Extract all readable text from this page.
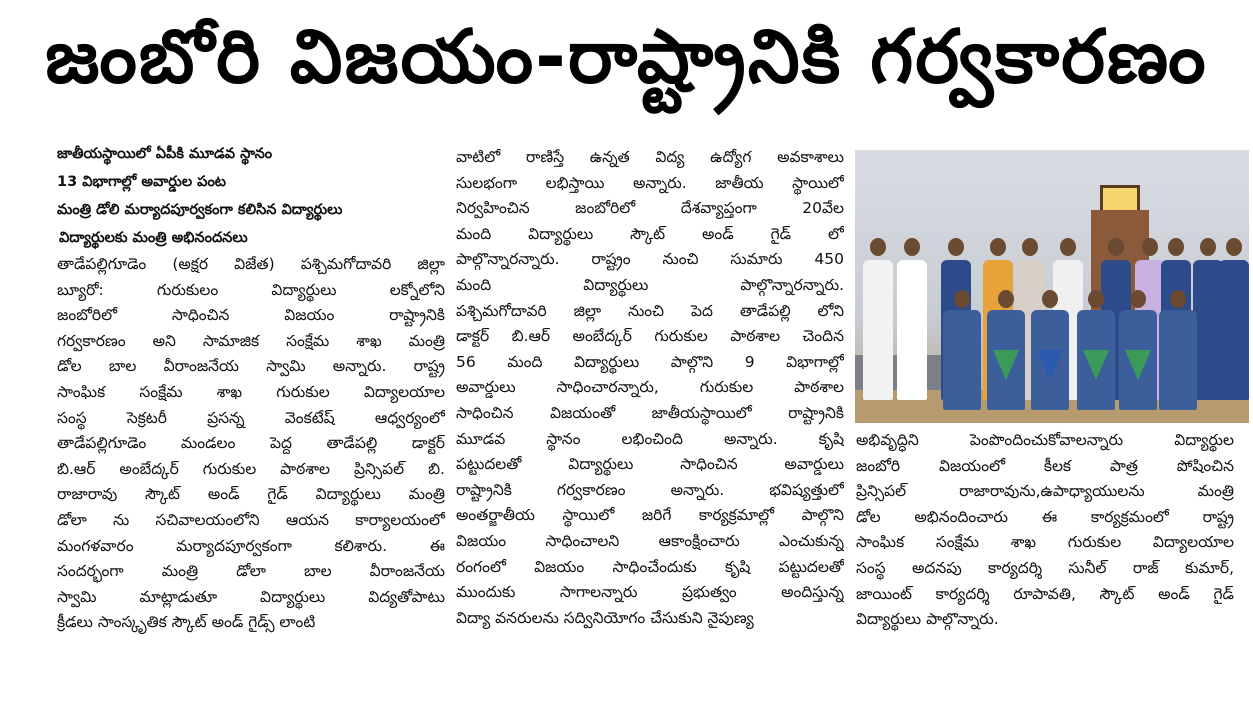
జంబోరి విజయం-రాష్ట్రానికి గర్వకారణం
జాతీయస్థాయిలో ఏపీకి మూడవ స్థానం
13 విభాగాల్లో అవార్డుల పంట
మంత్రి డోలి మర్యాదపూర్వకంగా కలిసిన విద్యార్థులు
విద్యార్థులకు మంత్రి అభినందనలు
తాడేపల్లిగూడెం (అక్షర విజేత) పశ్చిమగోదావరి జిల్లా
బ్యూరో: గురుకులం విద్యార్థులు లక్నోలోని
జంబోరిలో సాధించిన విజయం రాష్ట్రానికి
గర్వకారణం అని సామాజిక సంక్షేమ శాఖ మంత్రి
డోల బాల వీరాంజనేయ స్వామి అన్నారు. రాష్ట్ర
సాంఘిక సంక్షేమ శాఖ గురుకుల విద్యాలయాల
సంస్థ సెక్రటరీ ప్రసన్న వెంకటేష్ ఆధ్వర్యంలో
తాడేపల్లిగూడెం మండలం పెద్ద తాడేపల్లి డాక్టర్
బి.ఆర్ అంబేద్కర్ గురుకుల పాఠశాల ప్రిన్సిపల్ బి.
రాజారావు స్కౌట్ అండ్ గైడ్ విద్యార్థులు మంత్రి
డోలా ను సచివాలయంలోని ఆయన కార్యాలయంలో
మంగళవారం మర్యాదపూర్వకంగా కలిశారు. ఈ
సందర్భంగా మంత్రి డోలా బాల వీరాంజనేయ
స్వామి మాట్లాడుతూ విద్యార్థులు విద్యతోపాటు
క్రీడలు సాంస్కృతిక స్కౌట్ అండ్ గైడ్స్ లాంటి
వాటిలో రాణిస్తే ఉన్నత విద్య ఉద్యోగ అవకాశాలు
సులభంగా లభిస్తాయి అన్నారు. జాతీయ స్థాయిలో
నిర్వహించిన జంబోరిలో దేశవ్యాప్తంగా 20వేల
మంది విద్యార్థులు స్కౌట్ అండ్ గైడ్ లో
పాల్గొన్నారన్నారు. రాష్ట్రం నుంచి సుమారు 450
మంది విద్యార్థులు పాల్గొన్నారన్నారు.
పశ్చిమగోదావరి జిల్లా నుంచి పెద తాడేపల్లి లోని
డాక్టర్ బి.ఆర్ అంబేద్కర్ గురుకుల పాఠశాల చెందిన
56 మంది విద్యార్థులు పాల్గొని 9 విభాగాల్లో
అవార్డులు సాధించారన్నారు, గురుకుల పాఠశాల
సాధించిన విజయంతో జాతీయస్థాయిలో రాష్ట్రానికి
మూడవ స్థానం లభించింది అన్నారు. కృషి
పట్టుదలతో విద్యార్థులు సాధించిన అవార్డులు
రాష్ట్రానికి గర్వకారణం అన్నారు. భవిష్యత్తులో
అంతర్జాతీయ స్థాయిలో జరిగే కార్యక్రమాల్లో పాల్గొని
విజయం సాధించాలని ఆకాంక్షించారు ఎంచుకున్న
రంగంలో విజయం సాధించేందుకు కృషి పట్టుదలతో
ముందుకు సాగాలన్నారు ప్రభుత్వం అందిస్తున్న
విద్యా వనరులను సద్వినియోగం చేసుకుని నైపుణ్య
అభివృద్ధిని పెంపొందించుకోవాలన్నారు విద్యార్థుల
జంబోరి విజయంలో కీలక పాత్ర పోషించిన
ప్రిన్సిపల్ రాజారావును,ఉపాధ్యాయులను మంత్రి
డోల అభినందించారు ఈ కార్యక్రమంలో రాష్ట్ర
సాంఘిక సంక్షేమ శాఖ గురుకుల విద్యాలయాల
సంస్థ అదనపు కార్యదర్శి సునీల్ రాజ్ కుమార్,
జాయింట్ కార్యదర్శి రూపావతి, స్కౌట్ అండ్ గైడ్
విద్యార్థులు పాల్గొన్నారు.
